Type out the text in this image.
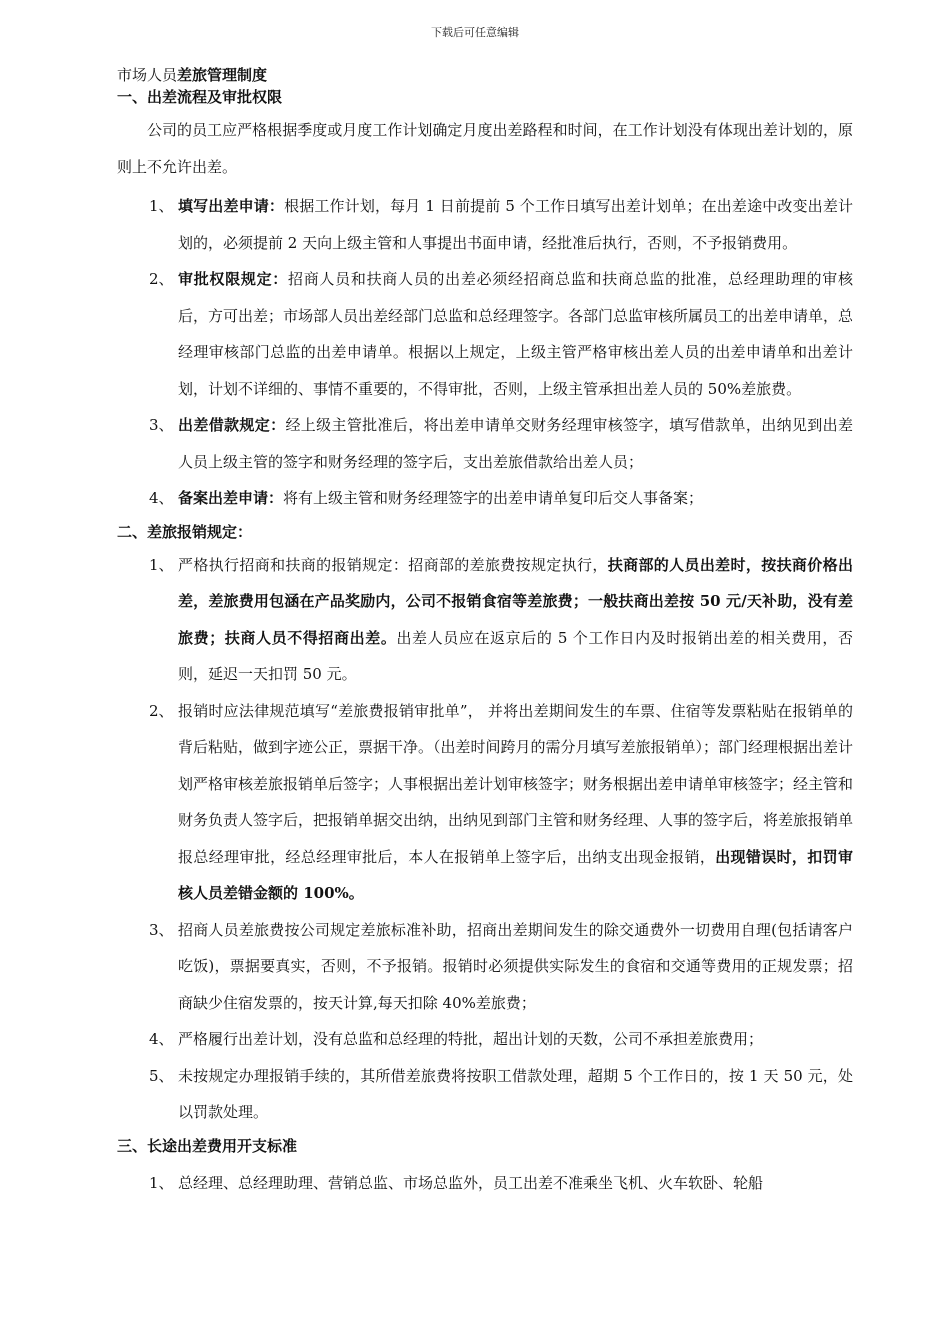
下载后可任意编辑
市场人员差旅管理制度
一、出差流程及审批权限

公司的员工应严格根据季度或月度工作计划确定月度出差路程和时间，在工作计划没有体现出差计划的，原则上不允许出差。

1、 填写出差申请：根据工作计划，每月 1 日前提前 5 个工作日填写出差计划单；在出差途中改变出差计划的，必须提前 2 天向上级主管和人事提出书面申请，经批准后执行，否则，不予报销费用。

2、 审批权限规定：招商人员和扶商人员的出差必须经招商总监和扶商总监的批准，总经理助理的审核后，方可出差；市场部人员出差经部门总监和总经理签字。各部门总监审核所属员工的出差申请单，总经理审核部门总监的出差申请单。根据以上规定，上级主管严格审核出差人员的出差申请单和出差计划，计划不详细的、事情不重要的，不得审批，否则，上级主管承担出差人员的 50%差旅费。

3、 出差借款规定：经上级主管批准后，将出差申请单交财务经理审核签字，填写借款单，出纳见到出差人员上级主管的签字和财务经理的签字后，支出差旅借款给出差人员；

4、 备案出差申请：将有上级主管和财务经理签字的出差申请单复印后交人事备案；

二、差旅报销规定：

1、 严格执行招商和扶商的报销规定：招商部的差旅费按规定执行，扶商部的人员出差时，按扶商价格出差，差旅费用包涵在产品奖励内，公司不报销食宿等差旅费；一般扶商出差按 50 元/天补助，没有差旅费；扶商人员不得招商出差。出差人员应在返京后的 5 个工作日内及时报销出差的相关费用，否则，延迟一天扣罚 50 元。

2、 报销时应法律规范填写“差旅费报销审批单”， 并将出差期间发生的车票、住宿等发票粘贴在报销单的背后粘贴，做到字迹公正，票据干净。（出差时间跨月的需分月填写差旅报销单）；部门经理根据出差计划严格审核差旅报销单后签字；人事根据出差计划审核签字；财务根据出差申请单审核签字；经主管和财务负责人签字后，把报销单据交出纳，出纳见到部门主管和财务经理、人事的签字后，将差旅报销单报总经理审批，经总经理审批后，本人在报销单上签字后，出纳支出现金报销，出现错误时，扣罚审核人员差错金额的 100%。

3、 招商人员差旅费按公司规定差旅标准补助，招商出差期间发生的除交通费外一切费用自理(包括请客户吃饭)，票据要真实，否则，不予报销。报销时必须提供实际发生的食宿和交通等费用的正规发票；招商缺少住宿发票的，按天计算,每天扣除 40%差旅费；

4、 严格履行出差计划，没有总监和总经理的特批，超出计划的天数，公司不承担差旅费用；

5、 未按规定办理报销手续的，其所借差旅费将按职工借款处理，超期 5 个工作日的，按 1 天 50 元，处以罚款处理。

三、长途出差费用开支标准

1、 总经理、总经理助理、营销总监、市场总监外，员工出差不准乘坐飞机、火车软卧、轮船
